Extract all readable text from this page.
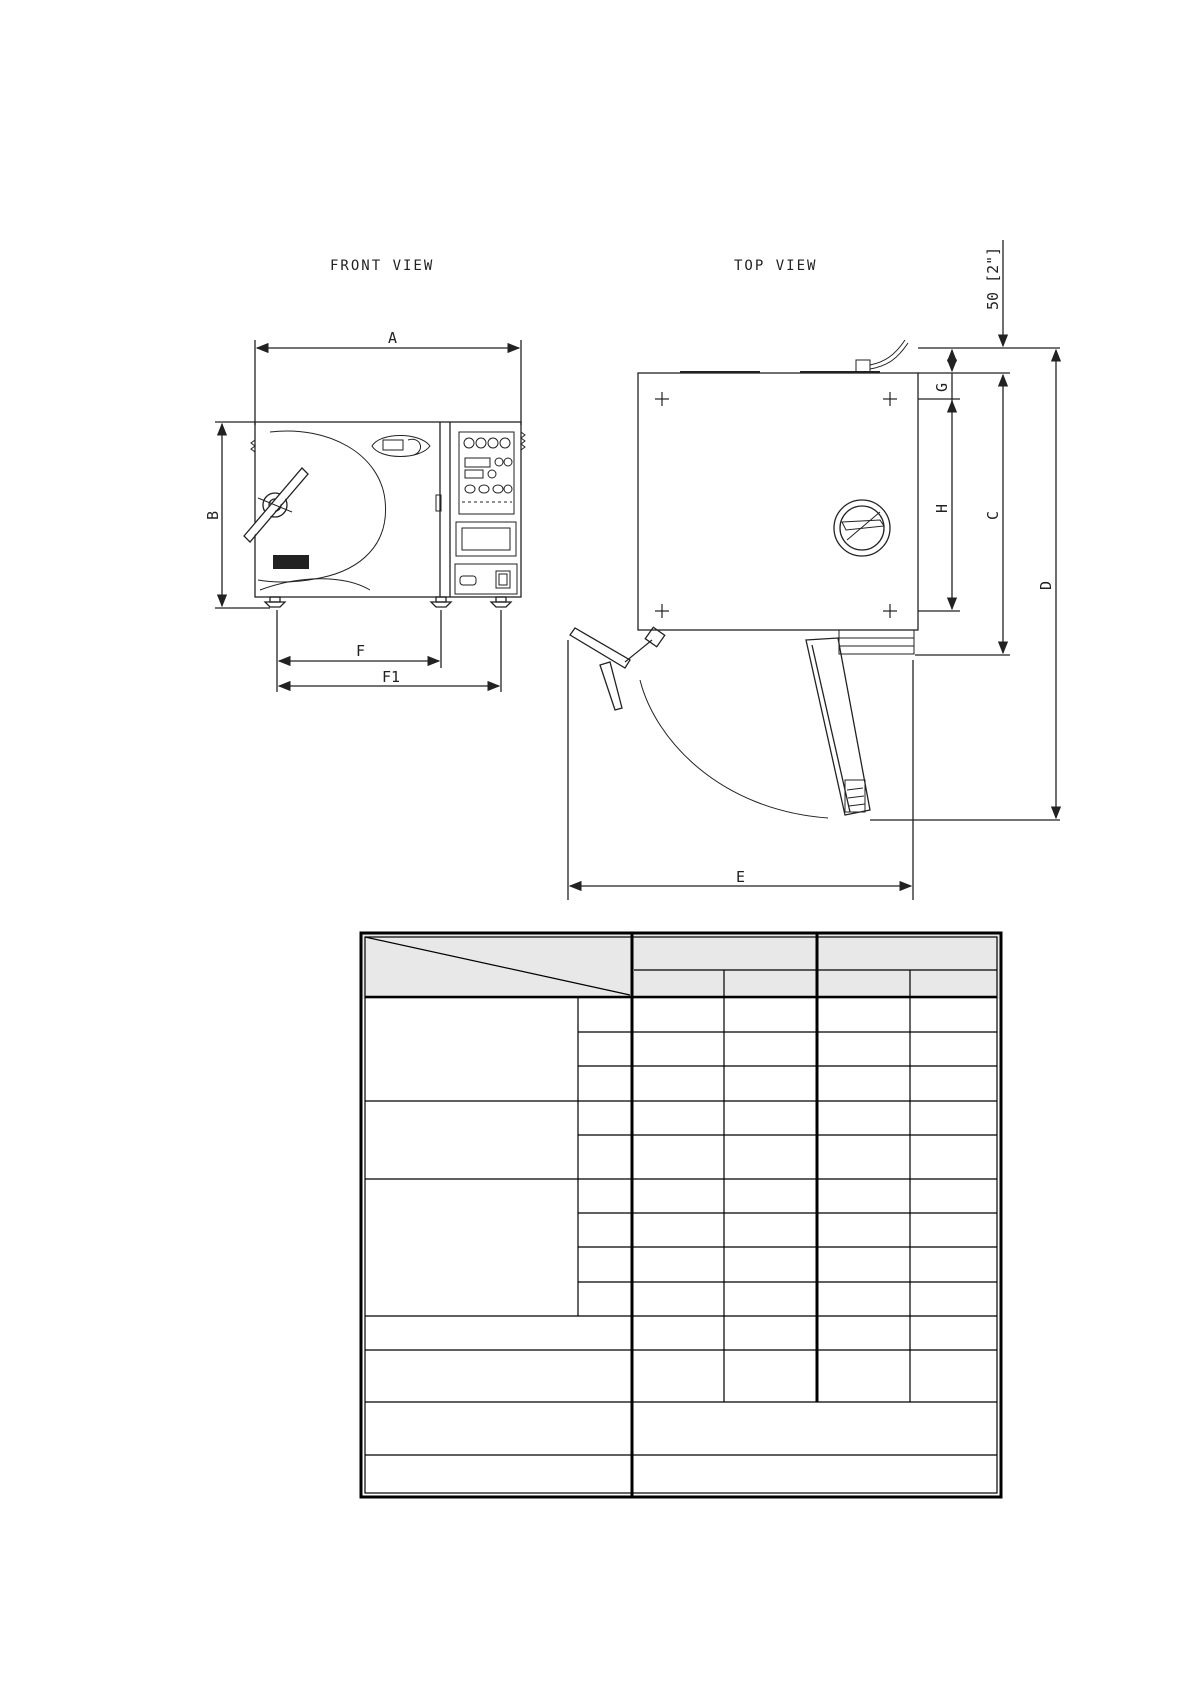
FRONT VIEW
A
B
F
F1
TOP VIEW
E
G
H
C
D
50 [2"]
